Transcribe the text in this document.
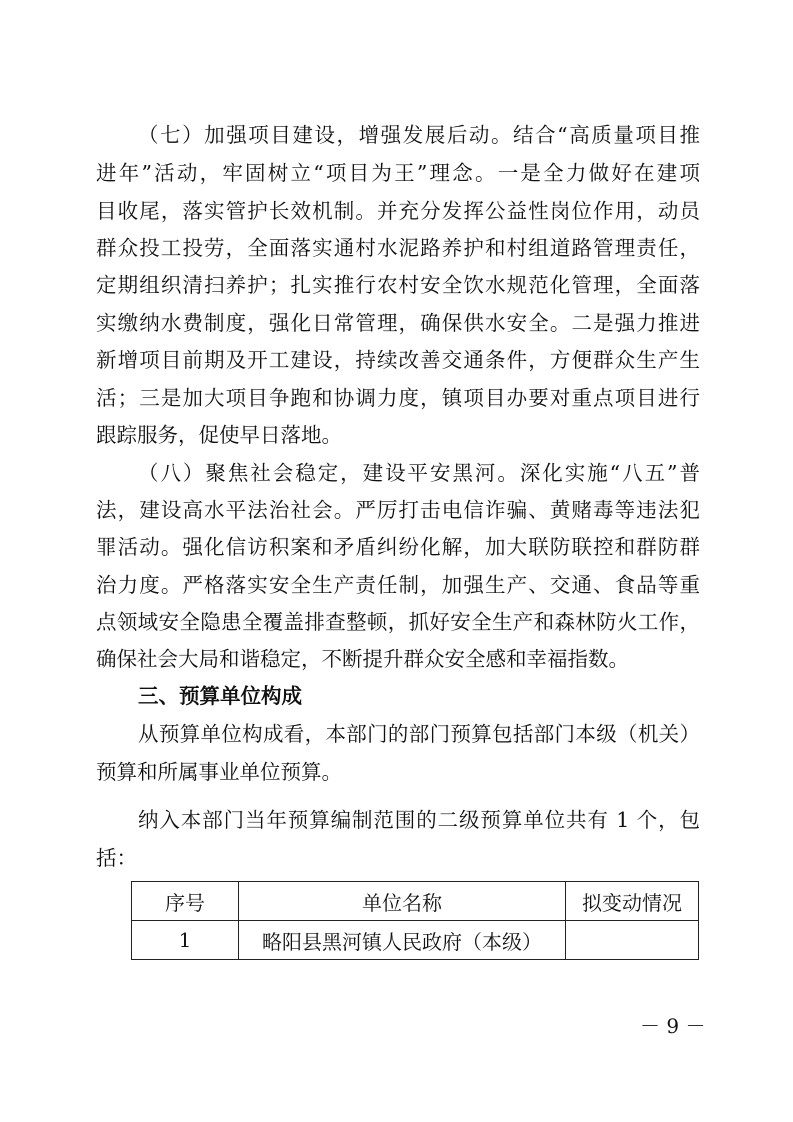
（七）加强项目建设，增强发展后动。结合“高质量项目推
进年”活动，牢固树立“项目为王”理念。一是全力做好在建项
目收尾，落实管护长效机制。并充分发挥公益性岗位作用，动员
群众投工投劳，全面落实通村水泥路养护和村组道路管理责任，
定期组织清扫养护；扎实推行农村安全饮水规范化管理，全面落
实缴纳水费制度，强化日常管理，确保供水安全。二是强力推进
新增项目前期及开工建设，持续改善交通条件，方便群众生产生
活；三是加大项目争跑和协调力度，镇项目办要对重点项目进行
跟踪服务，促使早日落地。
（八）聚焦社会稳定，建设平安黑河。深化实施“八五”普
法，建设高水平法治社会。严厉打击电信诈骗、黄赌毒等违法犯
罪活动。强化信访积案和矛盾纠纷化解，加大联防联控和群防群
治力度。严格落实安全生产责任制，加强生产、交通、食品等重
点领域安全隐患全覆盖排查整顿，抓好安全生产和森林防火工作，
确保社会大局和谐稳定，不断提升群众安全感和幸福指数。
三、预算单位构成
从预算单位构成看，本部门的部门预算包括部门本级（机关）
预算和所属事业单位预算。
纳入本部门当年预算编制范围的二级预算单位共有 1 个，包
括：
序号	单位名称	拟变动情况
1	略阳县黑河镇人民政府（本级）	
－ 9 －
